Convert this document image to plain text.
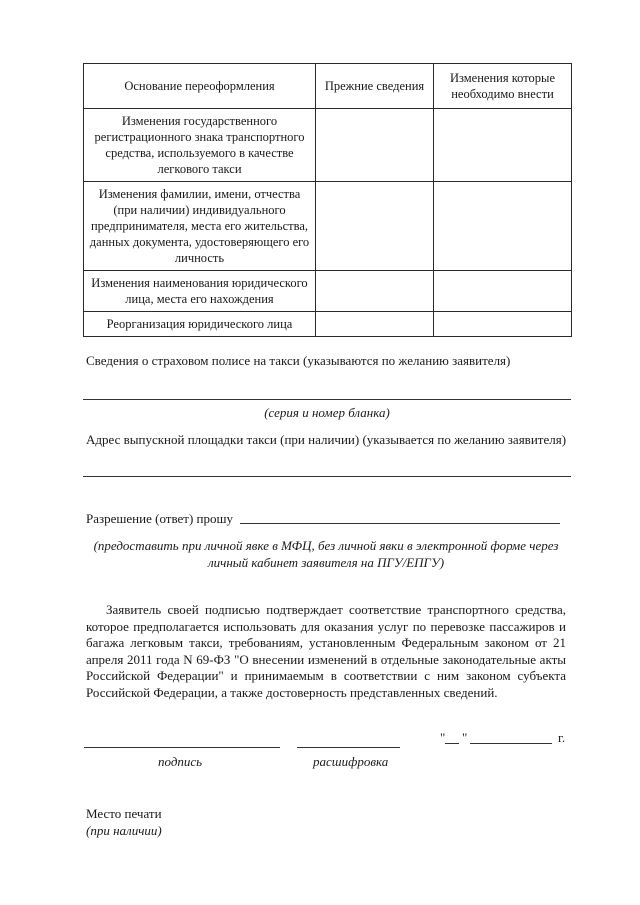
Основание переоформления	Прежние сведения	Изменения которые необходимо внести
Изменения государственного регистрационного знака транспортного средства, используемого в качестве легкового такси		
Изменения фамилии, имени, отчества (при наличии) индивидуального предпринимателя, места его жительства, данных документа, удостоверяющего его личность		
Изменения наименования юридического лица, места его нахождения		
Реорганизация юридического лица		
Сведения о страховом полисе на такси (указываются по желанию заявителя)
(серия и номер бланка)
Адрес выпускной площадки такси (при наличии) (указывается по желанию заявителя)
Разрешение (ответ) прошу
(предоставить при личной явке в МФЦ, без личной явки в электронной форме через личный кабинет заявителя на ПГУ/ЕПГУ)
Заявитель своей подписью подтверждает соответствие транспортного средства, которое предполагается использовать для оказания услуг по перевозке пассажиров и багажа легковым такси, требованиям, установленным Федеральным законом от 21 апреля 2011 года N 69-ФЗ "О внесении изменений в отдельные законодательные акты Российской Федерации" и принимаемым в соответствии с ним законом субъекта Российской Федерации, а также достоверность представленных сведений.
" "	г.
подпись	расшифровка
Место печати
(при наличии)
